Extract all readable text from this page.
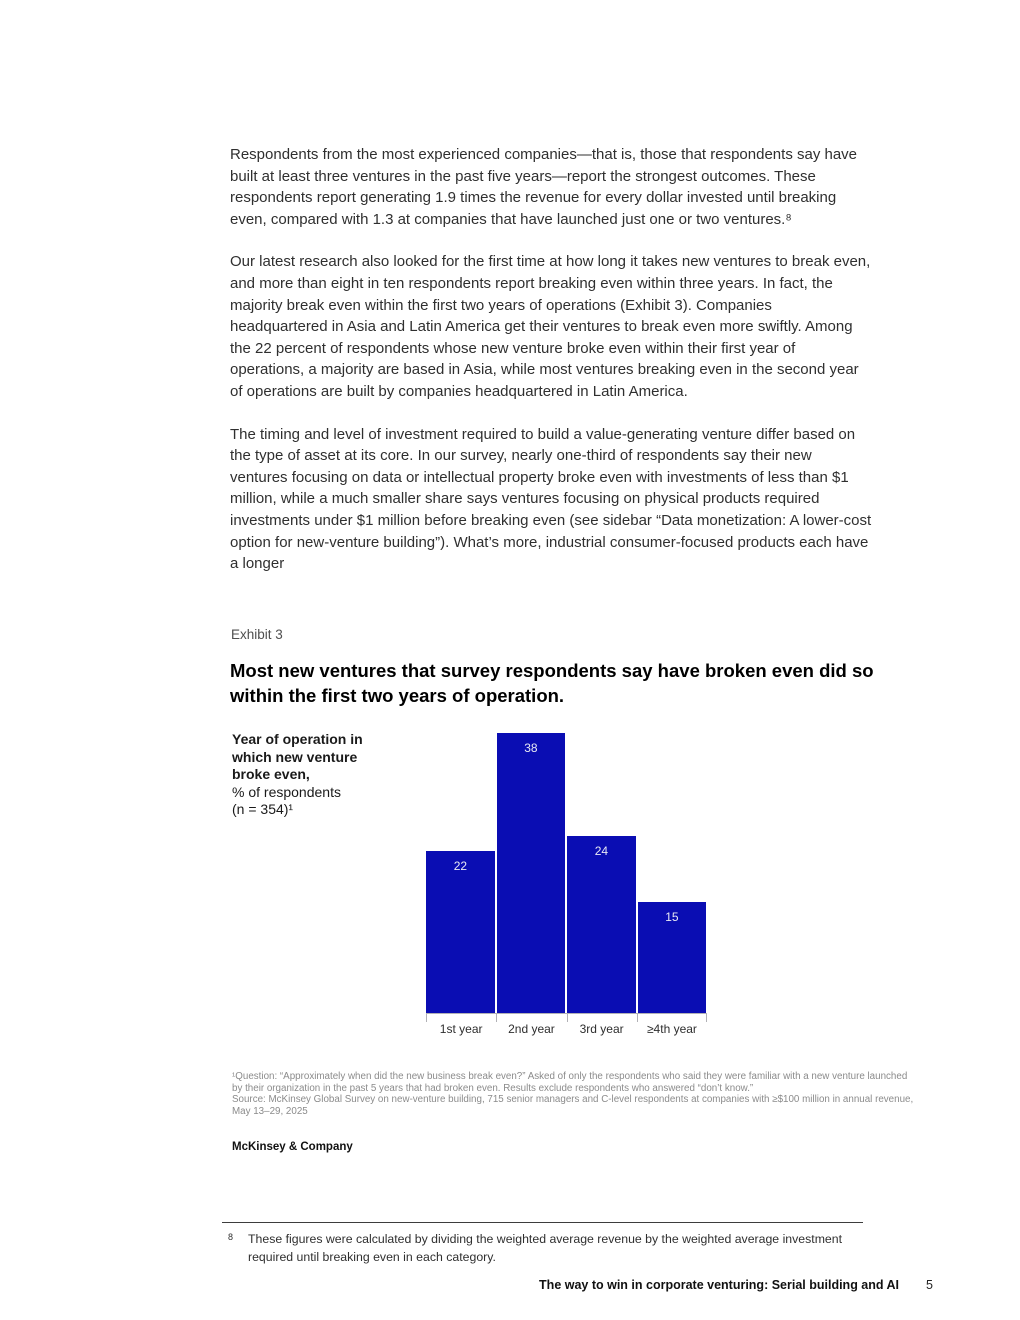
Respondents from the most experienced companies—that is, those that respondents say have built at least three ventures in the past five years—report the strongest outcomes. These respondents report generating 1.9 times the revenue for every dollar invested until breaking even, compared with 1.3 at companies that have launched just one or two ventures.⁸

Our latest research also looked for the first time at how long it takes new ventures to break even, and more than eight in ten respondents report breaking even within three years. In fact, the majority break even within the first two years of operations (Exhibit 3). Companies headquartered in Asia and Latin America get their ventures to break even more swiftly. Among the 22 percent of respondents whose new venture broke even within their first year of operations, a majority are based in Asia, while most ventures breaking even in the second year of operations are built by companies headquartered in Latin America.

The timing and level of investment required to build a value-generating venture differ based on the type of asset at its core. In our survey, nearly one-third of respondents say their new ventures focusing on data or intellectual property broke even with investments of less than $1 million, while a much smaller share says ventures focusing on physical products required investments under $1 million before breaking even (see sidebar “Data monetization: A lower-cost option for new-venture building”). What’s more, industrial consumer-focused products each have a longer

Exhibit 3
Most new ventures that survey respondents say have broken even did so within the first two years of operation.
Year of operation in which new venture broke even,
% of respondents
(n = 354)¹
22
38
24
15
1st year	2nd year	3rd year	≥4th year
¹Question: “Approximately when did the new business break even?” Asked of only the respondents who said they were familiar with a new venture launched by their organization in the past 5 years that had broken even. Results exclude respondents who answered “don’t know.”
Source: McKinsey Global Survey on new-venture building, 715 senior managers and C-level respondents at companies with ≥$100 million in annual revenue, May 13–29, 2025
McKinsey & Company
8 These figures were calculated by dividing the weighted average revenue by the weighted average investment required until breaking even in each category.
The way to win in corporate venturing: Serial building and AI 5
